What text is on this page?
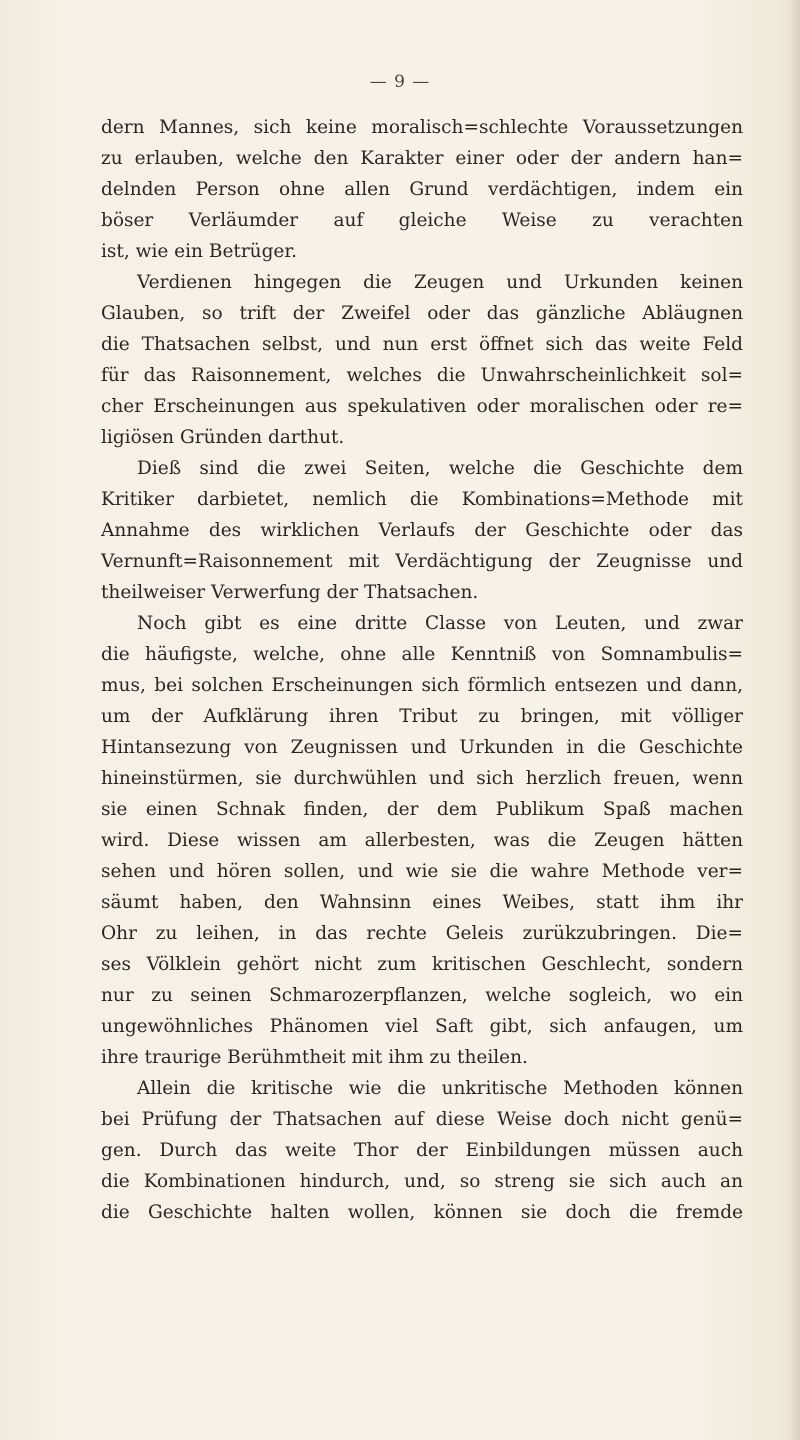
— 9 —
dern Mannes, sich keine moralisch=schlechte Voraussetzungen
zu erlauben, welche den Karakter einer oder der andern han=
delnden Person ohne allen Grund verdächtigen, indem ein
böser Verläumder auf gleiche Weise zu verachten
ist, wie ein Betrüger.
Verdienen hingegen die Zeugen und Urkunden keinen
Glauben, so trift der Zweifel oder das gänzliche Abläugnen
die Thatsachen selbst, und nun erst öffnet sich das weite Feld
für das Raisonnement, welches die Unwahrscheinlichkeit sol=
cher Erscheinungen aus spekulativen oder moralischen oder re=
ligiösen Gründen darthut.
Dieß sind die zwei Seiten, welche die Geschichte dem
Kritiker darbietet, nemlich die Kombinations=Methode mit
Annahme des wirklichen Verlaufs der Geschichte oder das
Vernunft=Raisonnement mit Verdächtigung der Zeugnisse und
theilweiser Verwerfung der Thatsachen.
Noch gibt es eine dritte Classe von Leuten, und zwar
die häufigste, welche, ohne alle Kenntniß von Somnambulis=
mus, bei solchen Erscheinungen sich förmlich entsezen und dann,
um der Aufklärung ihren Tribut zu bringen, mit völliger
Hintansezung von Zeugnissen und Urkunden in die Geschichte
hineinstürmen, sie durchwühlen und sich herzlich freuen, wenn
sie einen Schnak finden, der dem Publikum Spaß machen
wird. Diese wissen am allerbesten, was die Zeugen hätten
sehen und hören sollen, und wie sie die wahre Methode ver=
säumt haben, den Wahnsinn eines Weibes, statt ihm ihr
Ohr zu leihen, in das rechte Geleis zurükzubringen. Die=
ses Völklein gehört nicht zum kritischen Geschlecht, sondern
nur zu seinen Schmarozerpflanzen, welche sogleich, wo ein
ungewöhnliches Phänomen viel Saft gibt, sich anfaugen, um
ihre traurige Berühmtheit mit ihm zu theilen.
Allein die kritische wie die unkritische Methoden können
bei Prüfung der Thatsachen auf diese Weise doch nicht genü=
gen. Durch das weite Thor der Einbildungen müssen auch
die Kombinationen hindurch, und, so streng sie sich auch an
die Geschichte halten wollen, können sie doch die fremde
